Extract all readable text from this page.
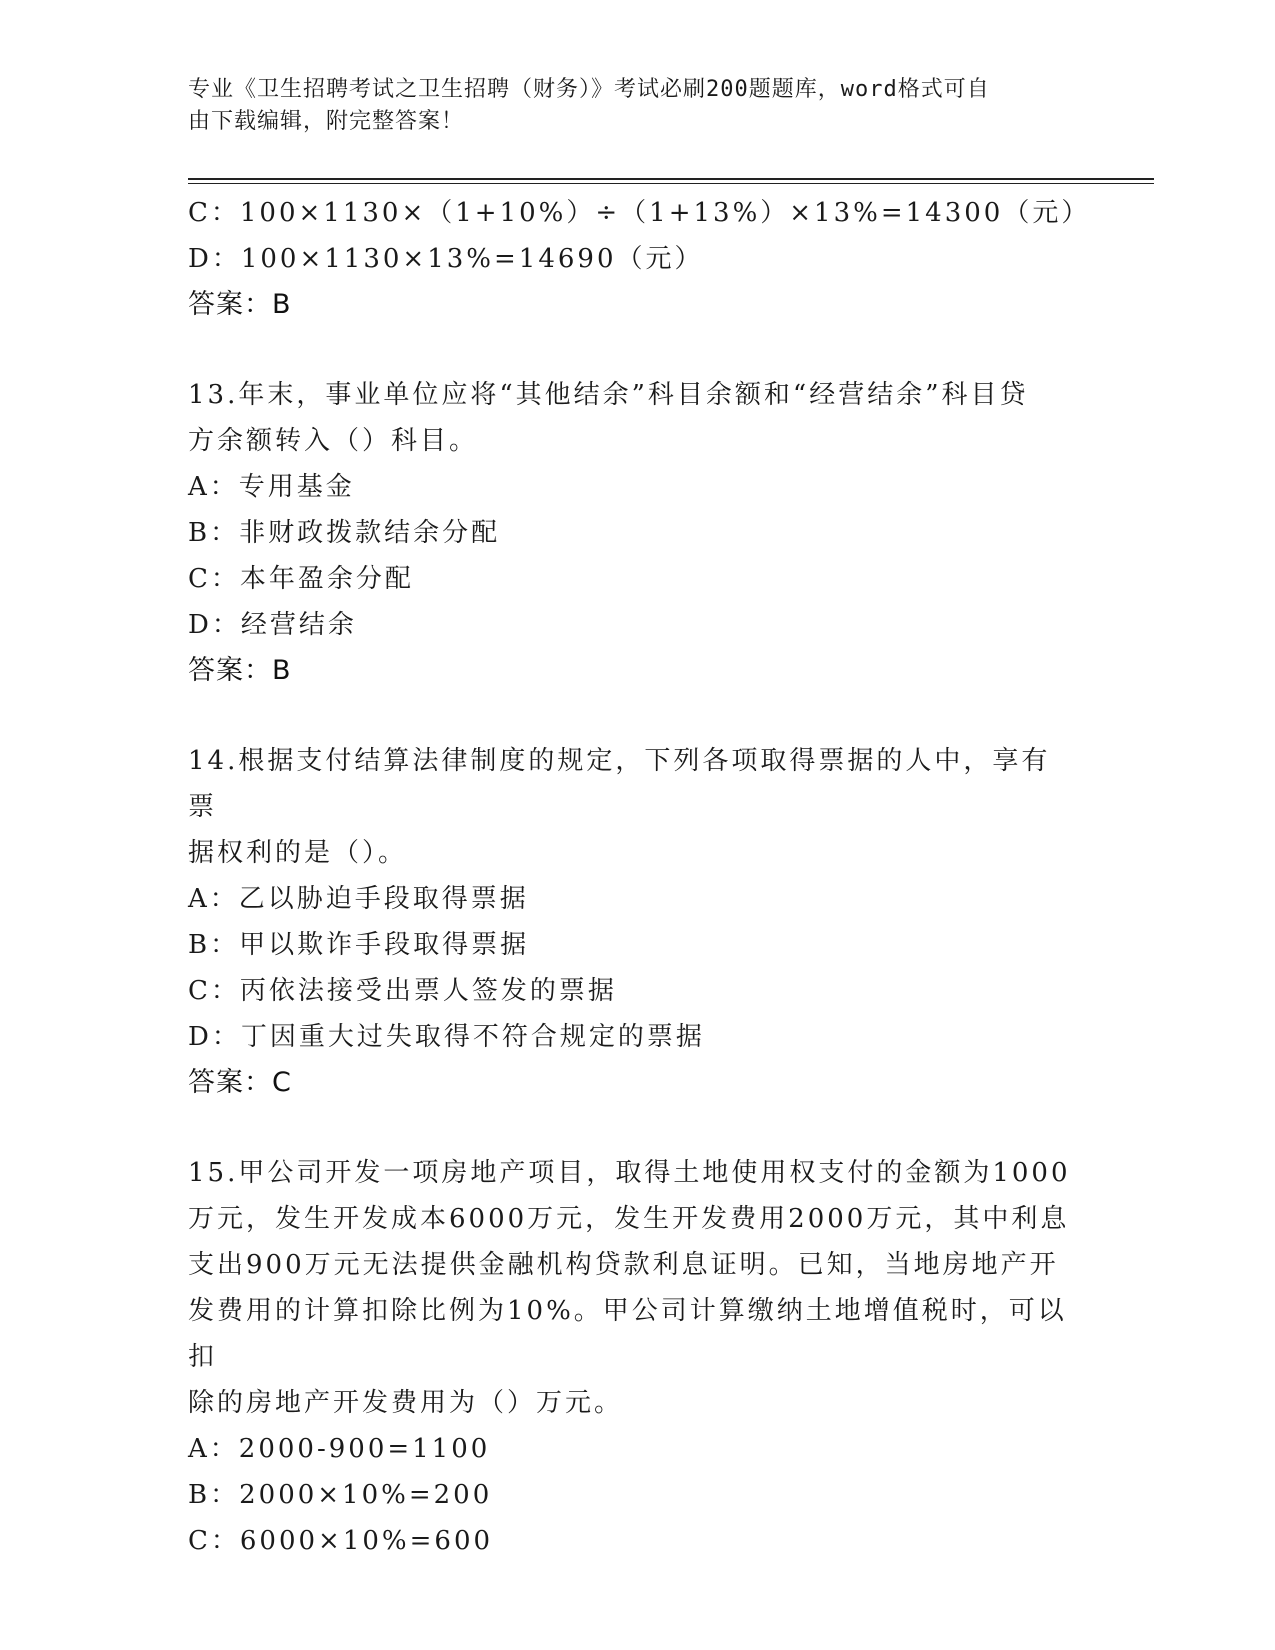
专业《卫生招聘考试之卫生招聘（财务）》考试必刷200题题库，word格式可自
由下载编辑，附完整答案！
C：100×1130×（1+10%）÷（1+13%）×13%=14300（元）
D：100×1130×13%=14690（元）
答案：B
13.年末，事业单位应将“其他结余”科目余额和“经营结余”科目贷
方余额转入（）科目。
A：专用基金
B：非财政拨款结余分配
C：本年盈余分配
D：经营结余
答案：B
14.根据支付结算法律制度的规定，下列各项取得票据的人中，享有票
据权利的是（）。
A：乙以胁迫手段取得票据
B：甲以欺诈手段取得票据
C：丙依法接受出票人签发的票据
D：丁因重大过失取得不符合规定的票据
答案：C
15.甲公司开发一项房地产项目，取得土地使用权支付的金额为1000
万元，发生开发成本6000万元，发生开发费用2000万元，其中利息
支出900万元无法提供金融机构贷款利息证明。已知，当地房地产开
发费用的计算扣除比例为10%。甲公司计算缴纳土地增值税时，可以扣
除的房地产开发费用为（）万元。
A：2000-900=1100
B：2000×10%=200
C：6000×10%=600
